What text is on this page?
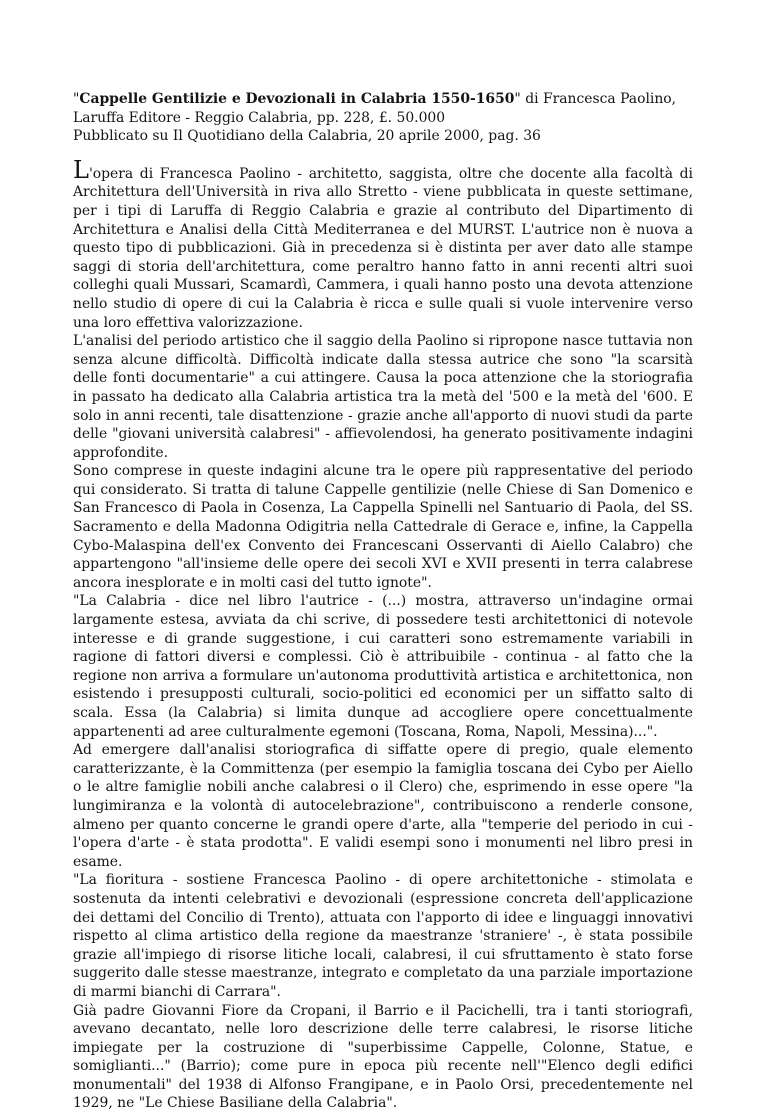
"Cappelle Gentilizie e Devozionali in Calabria 1550-1650" di Francesca Paolino,
Laruffa Editore - Reggio Calabria, pp. 228, £. 50.000
Pubblicato su Il Quotidiano della Calabria, 20 aprile 2000, pag. 36

L'opera di Francesca Paolino - architetto, saggista, oltre che docente alla facoltà di Architettura dell'Università in riva allo Stretto - viene pubblicata in queste settimane, per i tipi di Laruffa di Reggio Calabria e grazie al contributo del Dipartimento di Architettura e Analisi della Città Mediterranea e del MURST. L'autrice non è nuova a questo tipo di pubblicazioni. Già in precedenza si è distinta per aver dato alle stampe saggi di storia dell'architettura, come peraltro hanno fatto in anni recenti altri suoi colleghi quali Mussari, Scamardì, Cammera, i quali hanno posto una devota attenzione nello studio di opere di cui la Calabria è ricca e sulle quali si vuole intervenire verso una loro effettiva valorizzazione.

L'analisi del periodo artistico che il saggio della Paolino si ripropone nasce tuttavia non senza alcune difficoltà. Difficoltà indicate dalla stessa autrice che sono "la scarsità delle fonti documentarie" a cui attingere. Causa la poca attenzione che la storiografia in passato ha dedicato alla Calabria artistica tra la metà del '500 e la metà del '600. E solo in anni recenti, tale disattenzione - grazie anche all'apporto di nuovi studi da parte delle "giovani università calabresi" - affievolendosi, ha generato positivamente indagini approfondite.

Sono comprese in queste indagini alcune tra le opere più rappresentative del periodo qui considerato. Si tratta di talune Cappelle gentilizie (nelle Chiese di San Domenico e San Francesco di Paola in Cosenza, La Cappella Spinelli nel Santuario di Paola, del SS. Sacramento e della Madonna Odigitria nella Cattedrale di Gerace e, infine, la Cappella Cybo-Malaspina dell'ex Convento dei Francescani Osservanti di Aiello Calabro) che appartengono "all'insieme delle opere dei secoli XVI e XVII presenti in terra calabrese ancora inesplorate e in molti casi del tutto ignote".

"La Calabria - dice nel libro l'autrice - (...) mostra, attraverso un'indagine ormai largamente estesa, avviata da chi scrive, di possedere testi architettonici di notevole interesse e di grande suggestione, i cui caratteri sono estremamente variabili in ragione di fattori diversi e complessi. Ciò è attribuibile - continua - al fatto che la regione non arriva a formulare un'autonoma produttività artistica e architettonica, non esistendo i presupposti culturali, socio-politici ed economici per un siffatto salto di scala. Essa (la Calabria) si limita dunque ad accogliere opere concettualmente appartenenti ad aree culturalmente egemoni (Toscana, Roma, Napoli, Messina)...".

Ad emergere dall'analisi storiografica di siffatte opere di pregio, quale elemento caratterizzante, è la Committenza (per esempio la famiglia toscana dei Cybo per Aiello o le altre famiglie nobili anche calabresi o il Clero) che, esprimendo in esse opere "la lungimiranza e la volontà di autocelebrazione", contribuiscono a renderle consone, almeno per quanto concerne le grandi opere d'arte, alla "temperie del periodo in cui - l'opera d'arte - è stata prodotta". E validi esempi sono i monumenti nel libro presi in esame.

"La fioritura - sostiene Francesca Paolino - di opere architettoniche - stimolata e sostenuta da intenti celebrativi e devozionali (espressione concreta dell'applicazione dei dettami del Concilio di Trento), attuata con l'apporto di idee e linguaggi innovativi rispetto al clima artistico della regione da maestranze 'straniere' -, è stata possibile grazie all'impiego di risorse litiche locali, calabresi, il cui sfruttamento è stato forse suggerito dalle stesse maestranze, integrato e completato da una parziale importazione di marmi bianchi di Carrara".

Già padre Giovanni Fiore da Cropani, il Barrio e il Pacichelli, tra i tanti storiografi, avevano decantato, nelle loro descrizione delle terre calabresi, le risorse litiche impiegate per la costruzione di "superbissime Cappelle, Colonne, Statue, e somiglianti..." (Barrio); come pure in epoca più recente nell'"Elenco degli edifici monumentali" del 1938 di Alfonso Frangipane, e in Paolo Orsi, precedentemente nel 1929, ne "Le Chiese Basiliane della Calabria".
